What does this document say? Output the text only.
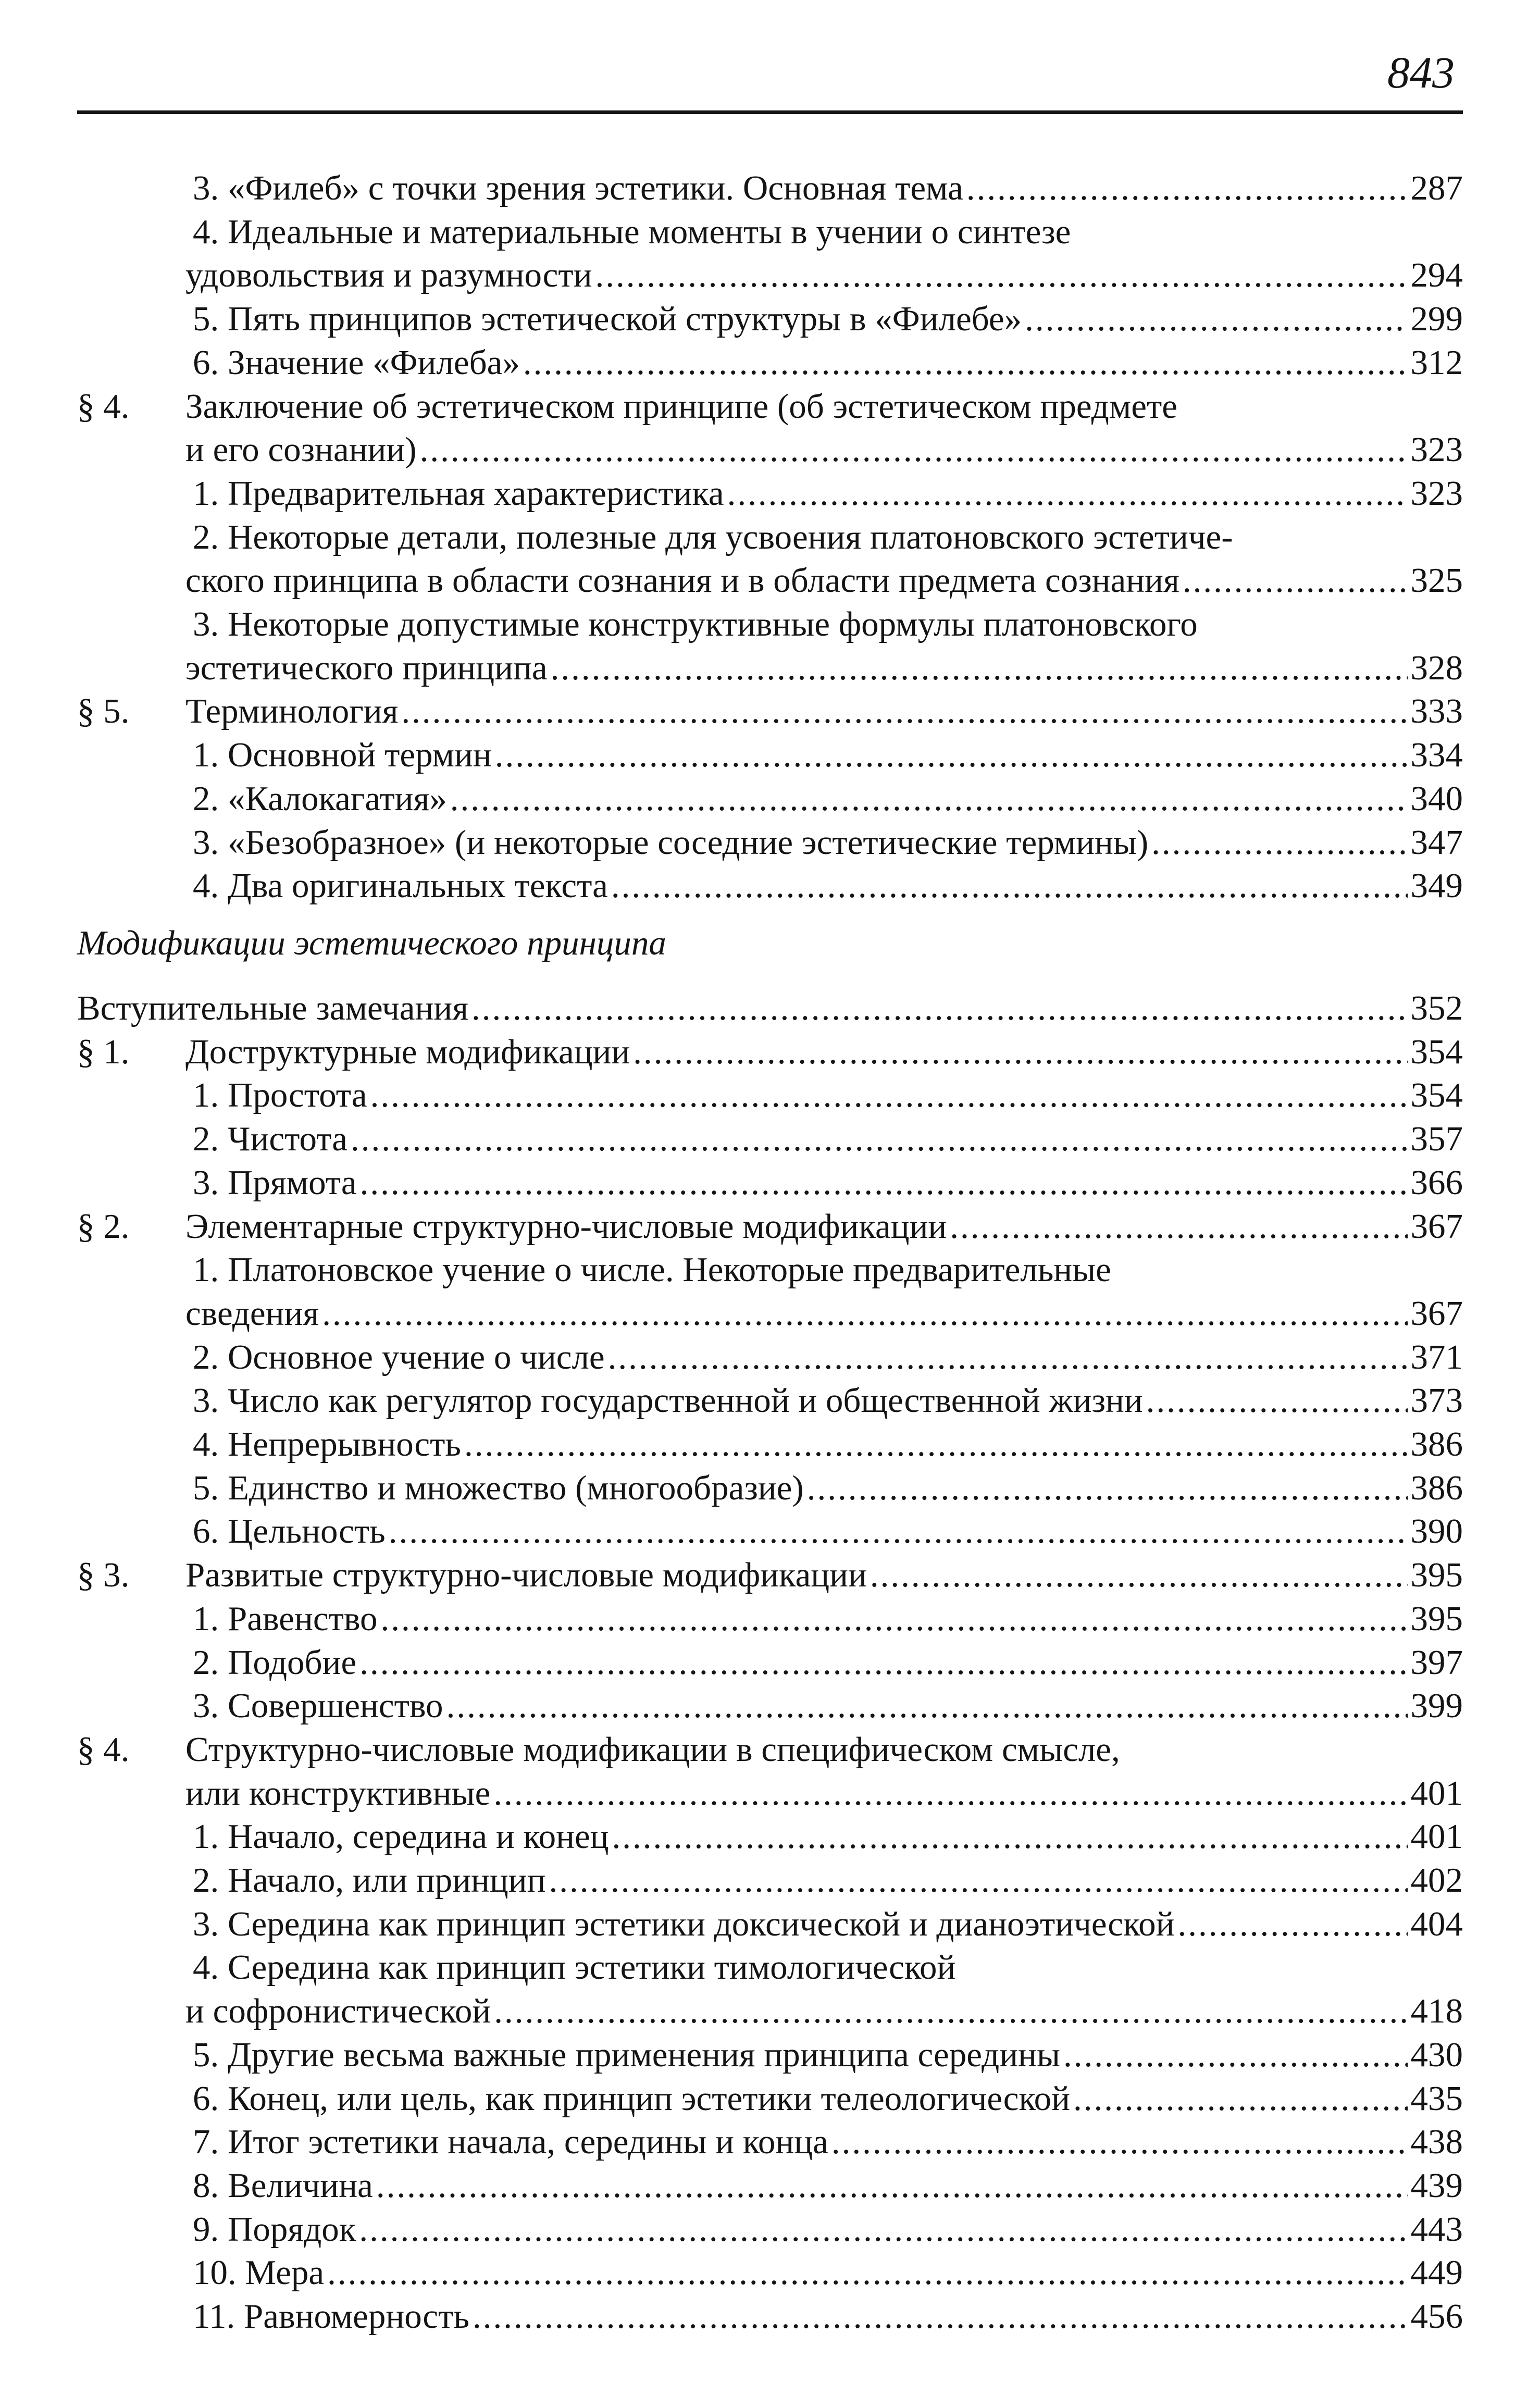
843
3. «Филеб» с точки зрения эстетики. Основная тема .....	287
4. Идеальные и материальные моменты в учении о синтезе
удовольствия и разумности .....	294
5. Пять принципов эстетической структуры в «Филебе» .....	299
6. Значение «Филеба» .....	312
§ 4. Заключение об эстетическом принципе (об эстетическом предмете
и его сознании) .....	323
1. Предварительная характеристика .....	323
2. Некоторые детали, полезные для усвоения платоновского эстетиче-
ского принципа в области сознания и в области предмета сознания .....	325
3. Некоторые допустимые конструктивные формулы платоновского
эстетического принципа .....	328
§ 5. Терминология .....	333
1. Основной термин .....	334
2. «Калокагатия» .....	340
3. «Безобразное» (и некоторые соседние эстетические термины) .....	347
4. Два оригинальных текста .....	349
Модификации эстетического принципа
Вступительные замечания .....	352
§ 1. Доструктурные модификации .....	354
1. Простота .....	354
2. Чистота .....	357
3. Прямота .....	366
§ 2. Элементарные структурно-числовые модификации .....	367
1. Платоновское учение о числе. Некоторые предварительные
сведения .....	367
2. Основное учение о числе .....	371
3. Число как регулятор государственной и общественной жизни .....	373
4. Непрерывность .....	386
5. Единство и множество (многообразие) .....	386
6. Цельность .....	390
§ 3. Развитые структурно-числовые модификации .....	395
1. Равенство .....	395
2. Подобие .....	397
3. Совершенство .....	399
§ 4. Структурно-числовые модификации в специфическом смысле,
или конструктивные .....	401
1. Начало, середина и конец .....	401
2. Начало, или принцип .....	402
3. Середина как принцип эстетики доксической и дианоэтической .....	404
4. Середина как принцип эстетики тимологической
и софронистической .....	418
5. Другие весьма важные применения принципа середины .....	430
6. Конец, или цель, как принцип эстетики телеологической .....	435
7. Итог эстетики начала, середины и конца .....	438
8. Величина .....	439
9. Порядок .....	443
10. Мера .....	449
11. Равномерность .....	456
